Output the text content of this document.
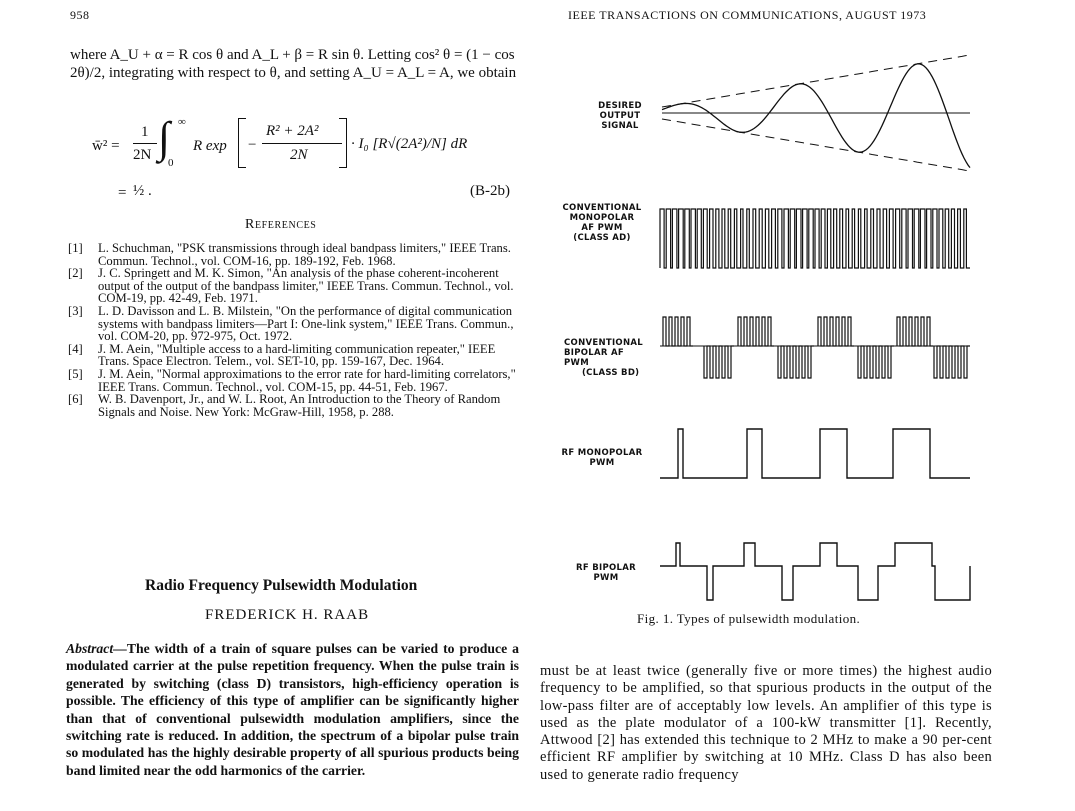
958	IEEE TRANSACTIONS ON COMMUNICATIONS, AUGUST 1973
where A_U + α = R cos θ and A_L + β = R sin θ. Letting cos² θ = (1 − cos 2θ)/2, integrating with respect to θ, and setting A_U = A_L = A, we obtain
w̄² =
1
2N ∫ ∞
0
R exp −
R² + 2A²
2N
· I₀ [R√(2A²)/N] dR
= ½ .	(B-2b)
References
[1] L. Schuchman, "PSK transmissions through ideal bandpass limiters," IEEE Trans. Commun. Technol., vol. COM-16, pp. 189-192, Feb. 1968.
[2] J. C. Springett and M. K. Simon, "An analysis of the phase coherent-incoherent output of the output of the bandpass limiter," IEEE Trans. Commun. Technol., vol. COM-19, pp. 42-49, Feb. 1971.
[3] L. D. Davisson and L. B. Milstein, "On the performance of digital communication systems with bandpass limiters—Part I: One-link system," IEEE Trans. Commun., vol. COM-20, pp. 972-975, Oct. 1972.
[4] J. M. Aein, "Multiple access to a hard-limiting communication repeater," IEEE Trans. Space Electron. Telem., vol. SET-10, pp. 159-167, Dec. 1964.
[5] J. M. Aein, "Normal approximations to the error rate for hard-limiting correlators," IEEE Trans. Commun. Technol., vol. COM-15, pp. 44-51, Feb. 1967.
[6] W. B. Davenport, Jr., and W. L. Root, An Introduction to the Theory of Random Signals and Noise. New York: McGraw-Hill, 1958, p. 288.
Radio Frequency Pulsewidth Modulation
FREDERICK H. RAAB
Abstract—The width of a train of square pulses can be varied to produce a modulated carrier at the pulse repetition frequency. When the pulse train is generated by switching (class D) transistors, high-efficiency operation is possible. The efficiency of this type of amplifier can be significantly higher than that of conventional pulsewidth modulation amplifiers, since the switching rate is reduced. In addition, the spectrum of a bipolar pulse train so modulated has the highly desirable property of all spurious products being band limited near the odd harmonics of the carrier.
must be at least twice (generally five or more times) the highest audio frequency to be amplified, so that spurious products in the output of the low-pass filter are of acceptably low levels. An amplifier of this type is used as the plate modulator of a 100-kW transmitter [1]. Recently, Attwood [2] has extended this technique to 2 MHz to make a 90 per-cent efficient RF amplifier by switching at 10 MHz. Class D has also been used to generate radio frequency
DESIRED
OUTPUT
SIGNAL
CONVENTIONAL
MONOPOLAR
AF PWM
(CLASS AD)
CONVENTIONAL
BIPOLAR AF
PWM
(CLASS BD)
RF MONOPOLAR
PWM
RF BIPOLAR
PWM
Fig. 1. Types of pulsewidth modulation.
